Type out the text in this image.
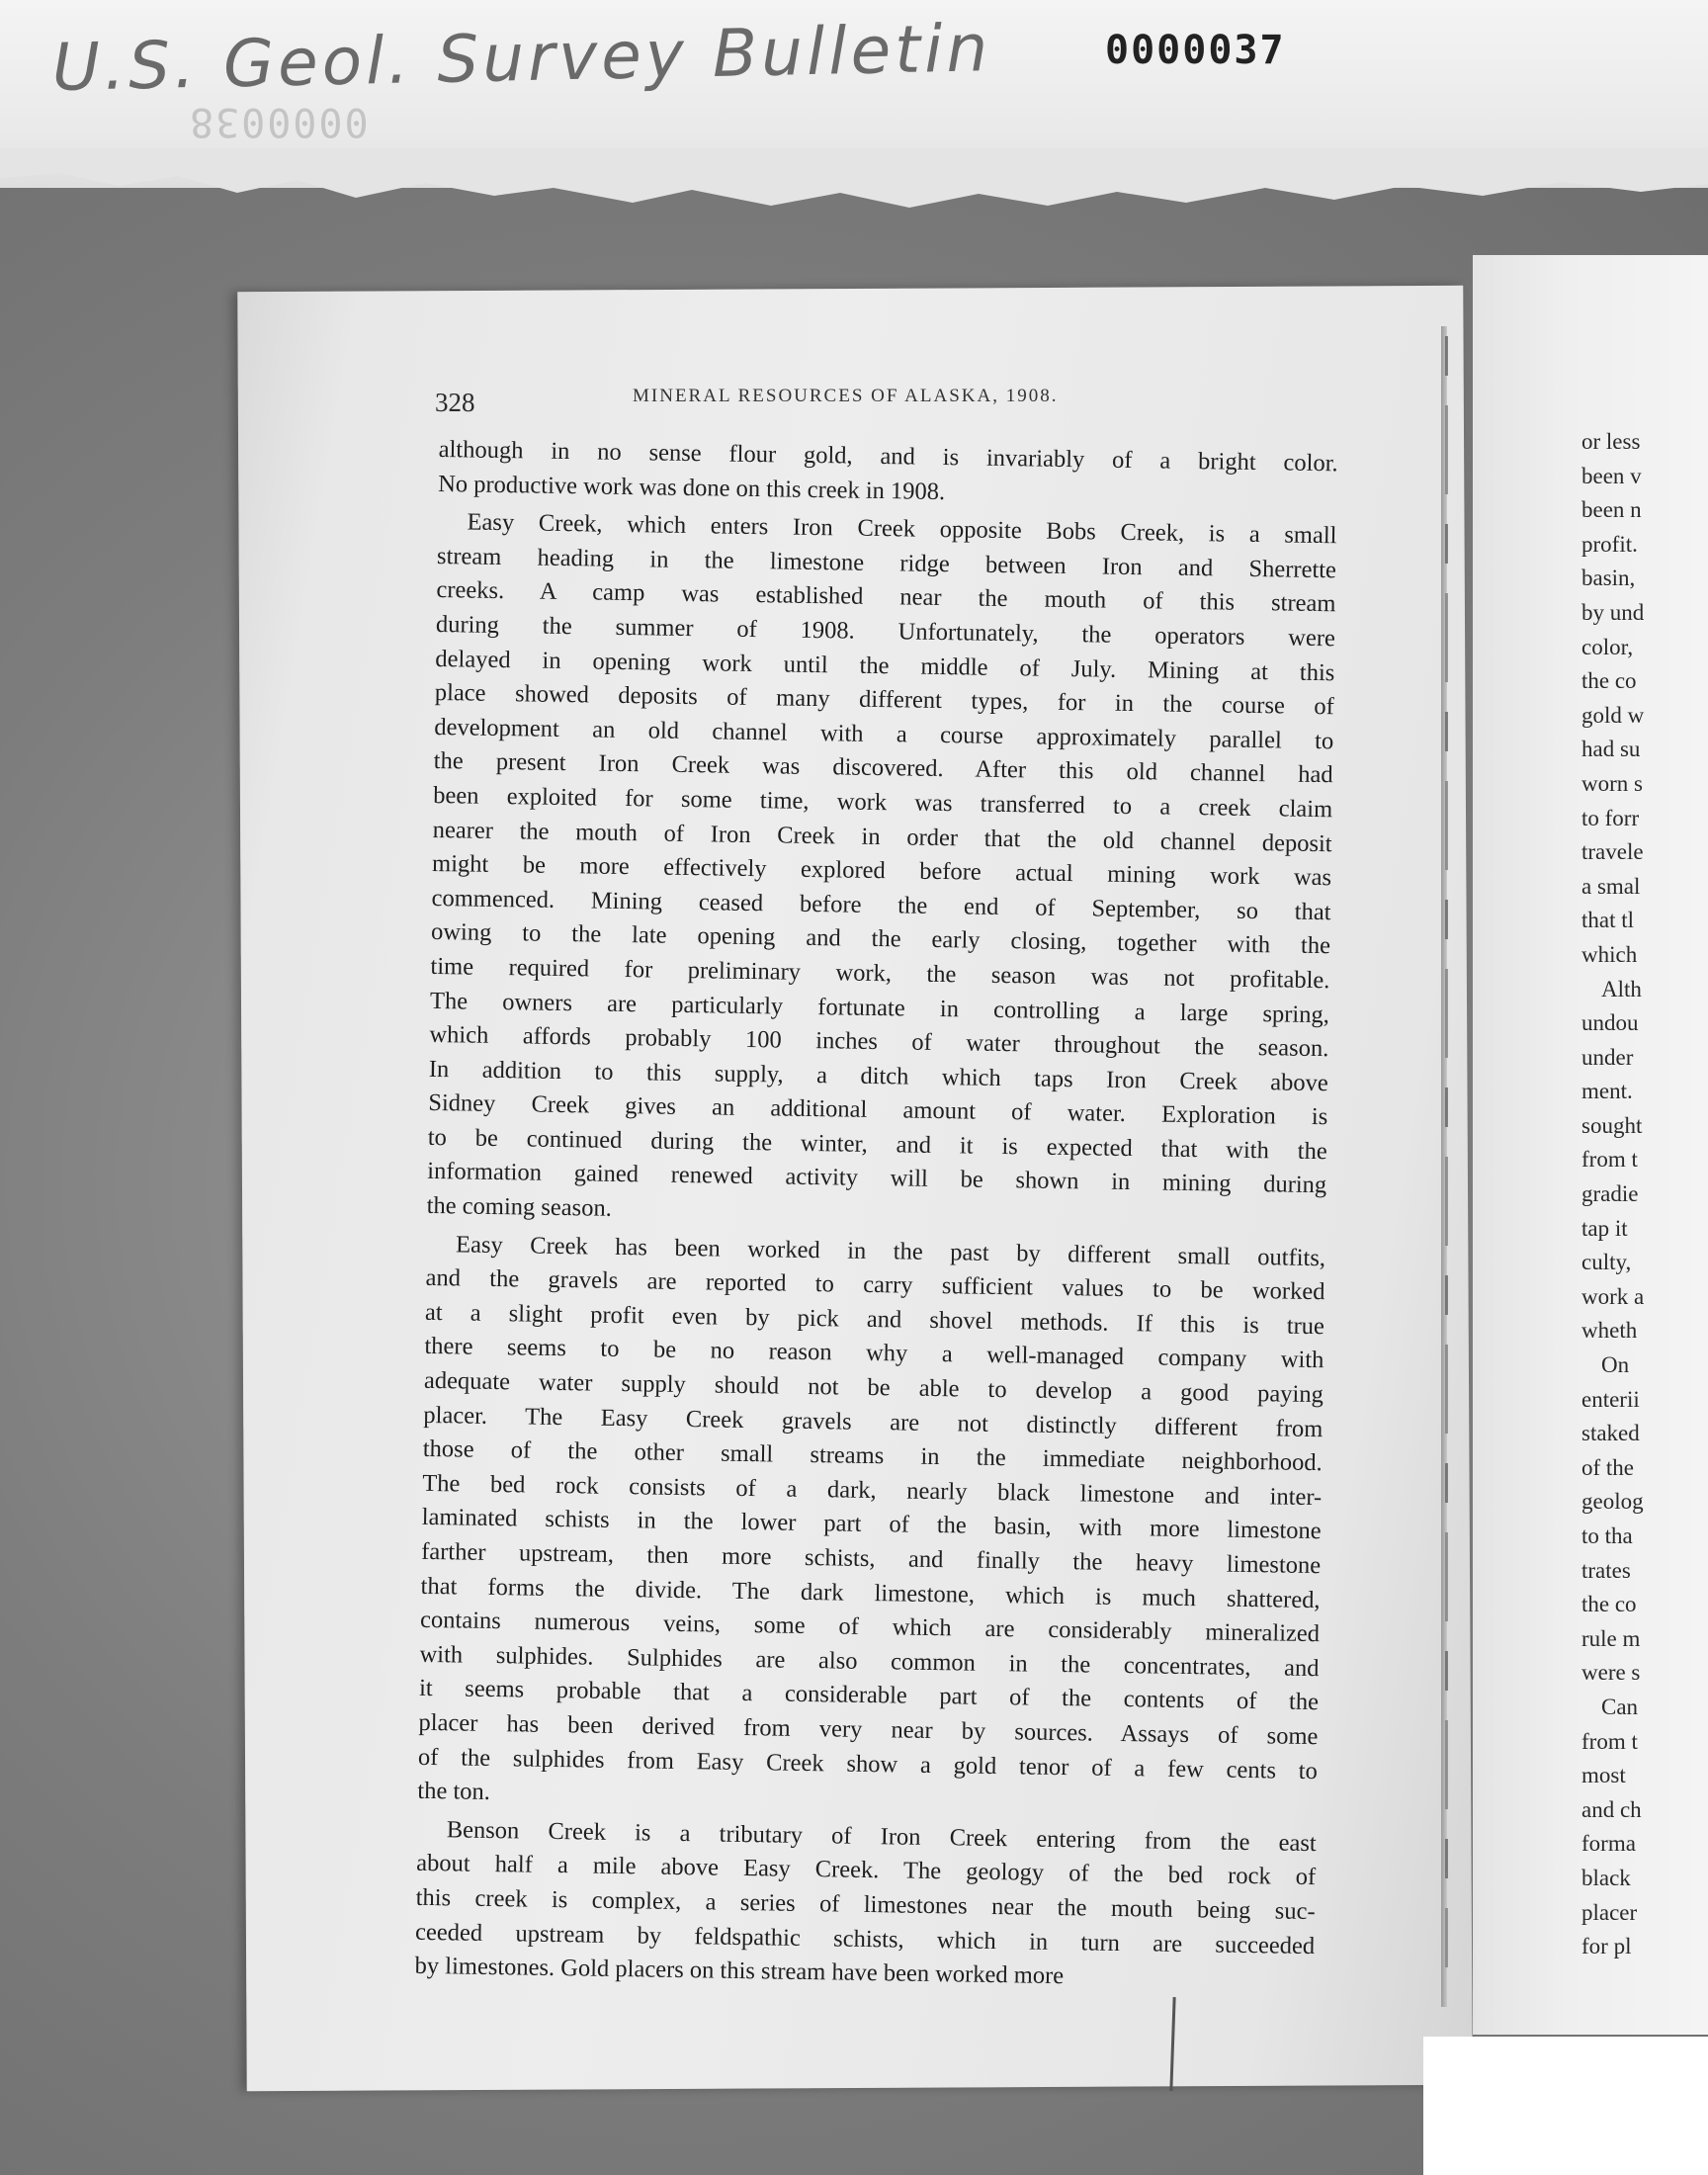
U.S. Geol. Survey Bulletin	0000037
0000038
or less
been v
been n
profit.
basin,
by und
color,
the co
gold w
had su
worn s
to forr
travele
a smal
that tl
which
Alth
undou
under
ment.
sought
from t
gradie
tap it
culty,
work a
wheth
On
enterii
staked
of the
geolog
to tha
trates
the co
rule m
were s
Can
from t
most
and ch
forma
black
placer
for pl
328	MINERAL RESOURCES OF ALASKA, 1908.
although in no sense flour gold, and is invariably of a bright color.
No productive work was done on this creek in 1908.
Easy Creek, which enters Iron Creek opposite Bobs Creek, is a small
stream heading in the limestone ridge between Iron and Sherrette
creeks. A camp was established near the mouth of this stream
during the summer of 1908. Unfortunately, the operators were
delayed in opening work until the middle of July. Mining at this
place showed deposits of many different types, for in the course of
development an old channel with a course approximately parallel to
the present Iron Creek was discovered. After this old channel had
been exploited for some time, work was transferred to a creek claim
nearer the mouth of Iron Creek in order that the old channel deposit
might be more effectively explored before actual mining work was
commenced. Mining ceased before the end of September, so that
owing to the late opening and the early closing, together with the
time required for preliminary work, the season was not profitable.
The owners are particularly fortunate in controlling a large spring,
which affords probably 100 inches of water throughout the season.
In addition to this supply, a ditch which taps Iron Creek above
Sidney Creek gives an additional amount of water. Exploration is
to be continued during the winter, and it is expected that with the
information gained renewed activity will be shown in mining during
the coming season.
Easy Creek has been worked in the past by different small outfits,
and the gravels are reported to carry sufficient values to be worked
at a slight profit even by pick and shovel methods. If this is true
there seems to be no reason why a well-managed company with
adequate water supply should not be able to develop a good paying
placer. The Easy Creek gravels are not distinctly different from
those of the other small streams in the immediate neighborhood.
The bed rock consists of a dark, nearly black limestone and inter-
laminated schists in the lower part of the basin, with more limestone
farther upstream, then more schists, and finally the heavy limestone
that forms the divide. The dark limestone, which is much shattered,
contains numerous veins, some of which are considerably mineralized
with sulphides. Sulphides are also common in the concentrates, and
it seems probable that a considerable part of the contents of the
placer has been derived from very near by sources. Assays of some
of the sulphides from Easy Creek show a gold tenor of a few cents to
the ton.
Benson Creek is a tributary of Iron Creek entering from the east
about half a mile above Easy Creek. The geology of the bed rock of
this creek is complex, a series of limestones near the mouth being suc-
ceeded upstream by feldspathic schists, which in turn are succeeded
by limestones. Gold placers on this stream have been worked more
